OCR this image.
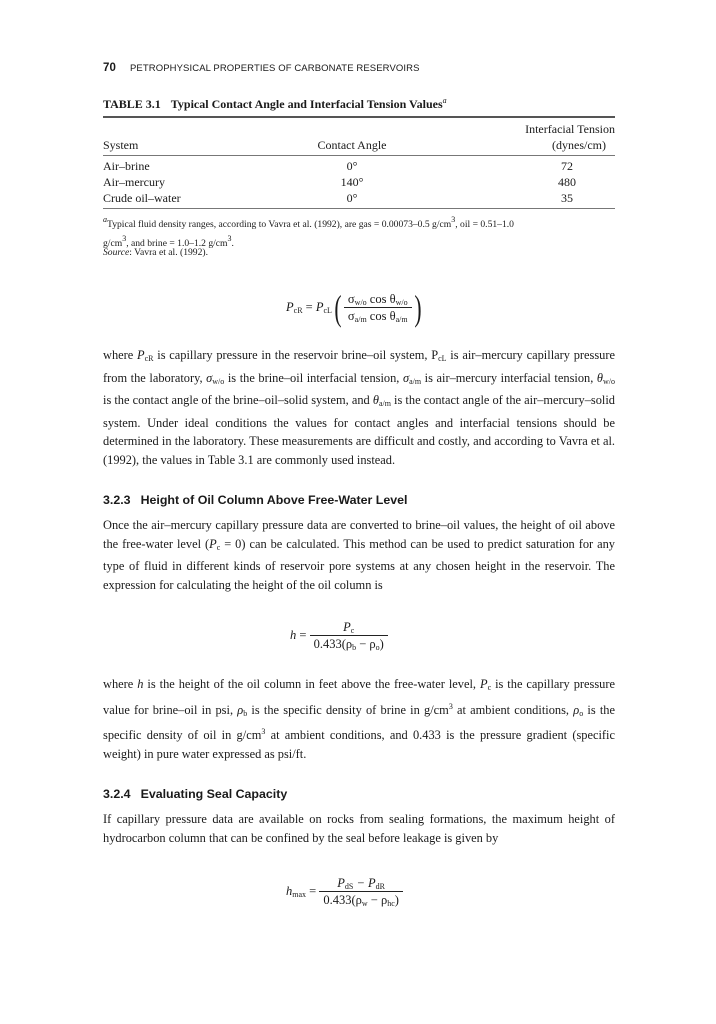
70 PETROPHYSICAL PROPERTIES OF CARBONATE RESERVOIRS
TABLE 3.1 Typical Contact Angle and Interfacial Tension Values$^a$
System	Contact Angle
Interfacial Tension
(dynes/cm)
Air–brine	0°	72
Air–mercury	140°	480
Crude oil–water	0°	35
$^a$Typical fluid density ranges, according to Vavra et al. (1992), are gas = 0.00073–0.5 $g/cm^3$, oil = 0.51–1.0
$g/cm^3$, and brine = 1.0–1.2 $g/cm^3$.
Source: Vavra et al. (1992).
$P_{cR} = P_{cL}( \frac{\sigma_{w/o} \cos \theta_{w/o}}{\sigma_{a/m} \cos \theta_{a/m}}$ )
where $P_{cR}$ is capillary pressure in the reservoir brine–oil system, $P_{cL}$ is air–mercury capillary pressure from the laboratory, $\sigma_{w/o}$ is the brine–oil interfacial tension, $\sigma_{a/m}$ is air–mercury interfacial tension, $\theta_{w/o}$ is the contact angle of the brine–oil–solid system, and $\theta_{a/m}$ is the contact angle of the air–mercury–solid system. Under ideal conditions the values for contact angles and interfacial tensions should be determined in the laboratory. These measurements are difficult and costly, and according to Vavra et al. (1992), the values in Table 3.1 are commonly used instead.
3.2.3 Height of Oil Column Above Free-Water Level
Once the air–mercury capillary pressure data are converted to brine–oil values, the height of oil above the free-water level $(P_c = 0)$ can be calculated. This method can be used to predict saturation for any type of fluid in different kinds of reservoir pore systems at any chosen height in the reservoir. The expression for calculating the height of the oil column is
$h = \frac{P_c}{0.433(\rho_b - \rho_o)}$
where h is the height of the oil column in feet above the free-water level, $P_c$ is the capillary pressure value for brine–oil in psi, $\rho_b$ is the specific density of brine in $g/cm^3$ at ambient conditions, $\rho_o$ is the specific density of oil in $g/cm^3$ at ambient conditions, and 0.433 is the pressure gradient (specific weight) in pure water expressed as psi/ft.
3.2.4 Evaluating Seal Capacity
If capillary pressure data are available on rocks from sealing formations, the maximum height of hydrocarbon column that can be confined by the seal before leakage is given by
$h_{max} = \frac{P_{dS} - P_{dR}}{0.433(\rho_w - \rho_{hc})}$
